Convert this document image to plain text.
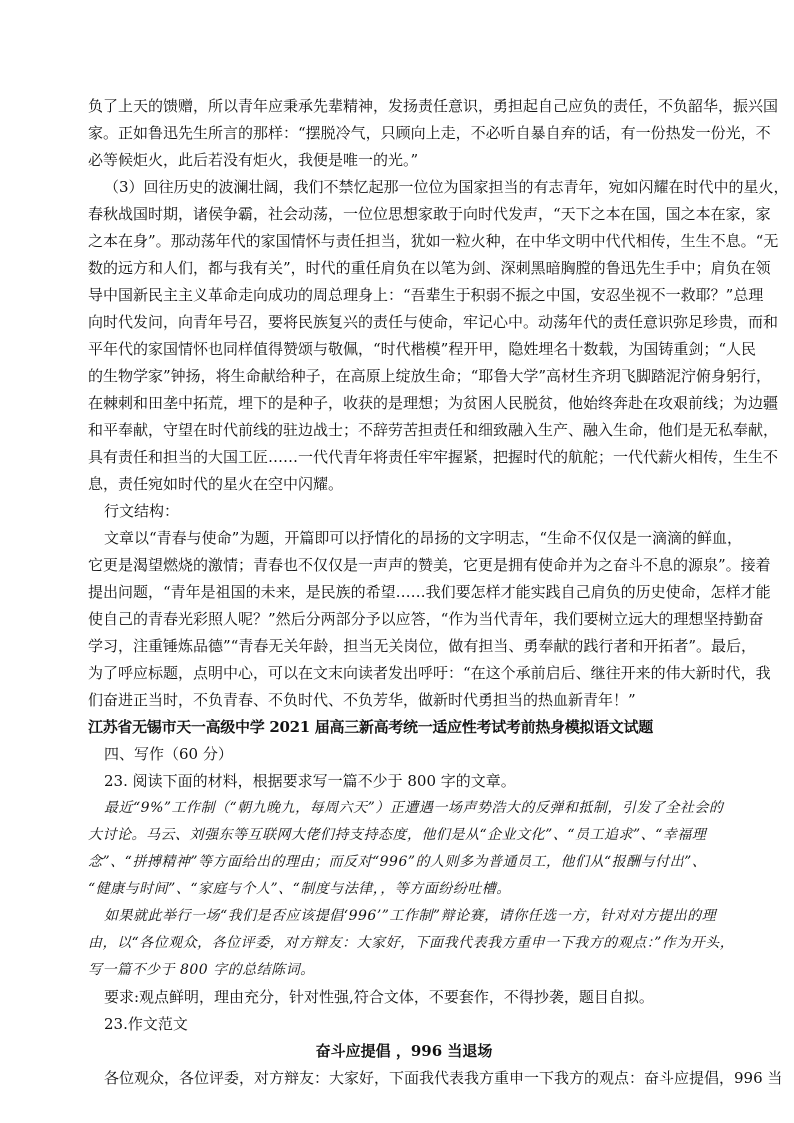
负了上天的馈赠，所以青年应秉承先辈精神，发扬责任意识，勇担起自己应负的责任，不负韶华，振兴国
家。正如鲁迅先生所言的那样：“摆脱冷气，只顾向上走，不必听自暴自弃的话，有一份热发一份光，不
必等候炬火，此后若没有炬火，我便是唯一的光。”
（3）回往历史的波澜壮阔，我们不禁忆起那一位位为国家担当的有志青年，宛如闪耀在时代中的星火，
春秋战国时期，诸侯争霸，社会动荡，一位位思想家敢于向时代发声，“天下之本在国，国之本在家，家
之本在身”。那动荡年代的家国情怀与责任担当，犹如一粒火种，在中华文明中代代相传，生生不息。“无
数的远方和人们，都与我有关”，时代的重任肩负在以笔为剑、深刺黑暗胸膛的鲁迅先生手中；肩负在领
导中国新民主主义革命走向成功的周总理身上：“吾辈生于积弱不振之中国，安忍坐视不一救耶？”总理
向时代发问，向青年号召，要将民族复兴的责任与使命，牢记心中。动荡年代的责任意识弥足珍贵，而和
平年代的家国情怀也同样值得赞颂与敬佩，“时代楷模”程开甲，隐姓埋名十数载，为国铸重剑；“人民
的生物学家”钟扬，将生命献给种子，在高原上绽放生命；“耶鲁大学”高材生齐玥飞脚踏泥泞俯身躬行，
在棘刺和田垄中拓荒，埋下的是种子，收获的是理想；为贫困人民脱贫，他始终奔赴在攻艰前线；为边疆
和平奉献，守望在时代前线的驻边战士；不辞劳苦担责任和细致融入生产、融入生命，他们是无私奉献，
具有责任和担当的大国工匠……一代代青年将责任牢牢握紧，把握时代的航舵；一代代薪火相传，生生不
息，责任宛如时代的星火在空中闪耀。
行文结构：
文章以“青春与使命”为题，开篇即可以抒情化的昂扬的文字明志，“生命不仅仅是一滴滴的鲜血，
它更是渴望燃烧的激情；青春也不仅仅是一声声的赞美，它更是拥有使命并为之奋斗不息的源泉”。接着
提出问题，“青年是祖国的未来，是民族的希望……我们要怎样才能实践自己肩负的历史使命，怎样才能
使自己的青春光彩照人呢？”然后分两部分予以应答，“作为当代青年，我们要树立远大的理想坚持勤奋
学习，注重锤炼品德”“青春无关年龄，担当无关岗位，做有担当、勇奉献的践行者和开拓者”。最后，
为了呼应标题，点明中心，可以在文末向读者发出呼吁：“在这个承前启后、继往开来的伟大新时代，我
们奋进正当时，不负青春、不负时代、不负芳华，做新时代勇担当的热血新青年！”
江苏省无锡市天一高级中学 2021 届高三新高考统一适应性考试考前热身模拟语文试题
四、写作（60 分）
23. 阅读下面的材料，根据要求写一篇不少于 800 字的文章。
最近“9%”工作制（“朝九晚九，每周六天”）正遭遇一场声势浩大的反弹和抵制，引发了全社会的
大讨论。马云、刘强东等互联网大佬们持支持态度，他们是从“企业文化”、“员工追求”、“幸福理
念”、“拼搏精神”等方面给出的理由；而反对“996”的人则多为普通员工，他们从“报酬与付出”、
“健康与时间”、“家庭与个人”、“制度与法律，，等方面纷纷吐槽。
如果就此举行一场“我们是否应该提倡‘996’”工作制”辩论赛，请你任选一方，针对对方提出的理
由，以“各位观众，各位评委，对方辩友：大家好，下面我代表我方重申一下我方的观点：”作为开头，
写一篇不少于 800 字的总结陈词。
要求:观点鲜明，理由充分，针对性强,符合文体，不要套作，不得抄袭，题目自拟。
23.作文范文
奋斗应提倡 ，996 当退场
各位观众，各位评委，对方辩友：大家好，下面我代表我方重申一下我方的观点：奋斗应提倡，996 当
